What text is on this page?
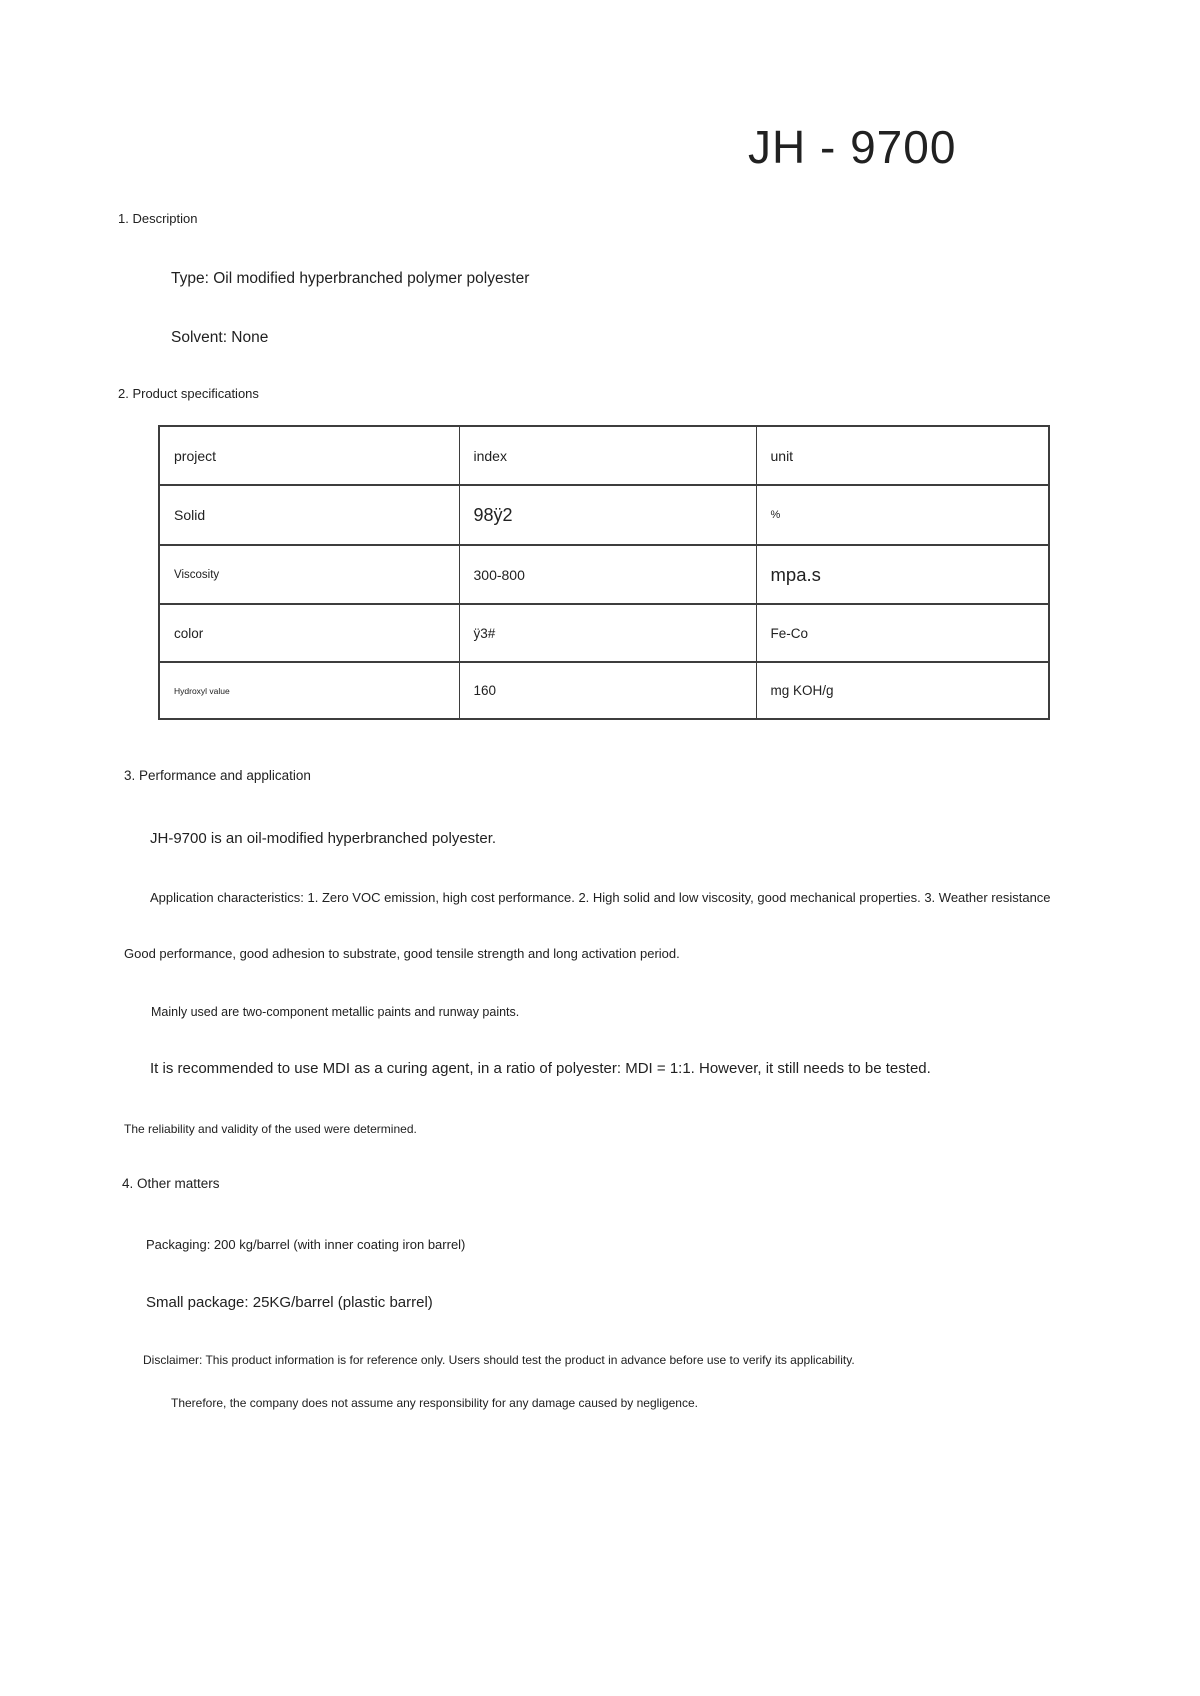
JH - 9700

1. Description

Type: Oil modified hyperbranched polymer polyester

Solvent: None

2. Product specifications

project	index	unit
Solid	98ÿ2	%
Viscosity	300-800	mpa.s
color	ÿ3#	Fe-Co
Hydroxyl value	160	mg KOH/g

3. Performance and application

JH-9700 is an oil-modified hyperbranched polyester.

Application characteristics: 1. Zero VOC emission, high cost performance. 2. High solid and low viscosity, good mechanical properties. 3. Weather resistance

Good performance, good adhesion to substrate, good tensile strength and long activation period.

Mainly used are two-component metallic paints and runway paints.

It is recommended to use MDI as a curing agent, in a ratio of polyester: MDI = 1:1. However, it still needs to be tested.

The reliability and validity of the used were determined.

4. Other matters

Packaging: 200 kg/barrel (with inner coating iron barrel)

Small package: 25KG/barrel (plastic barrel)

Disclaimer: This product information is for reference only. Users should test the product in advance before use to verify its applicability.

Therefore, the company does not assume any responsibility for any damage caused by negligence.
